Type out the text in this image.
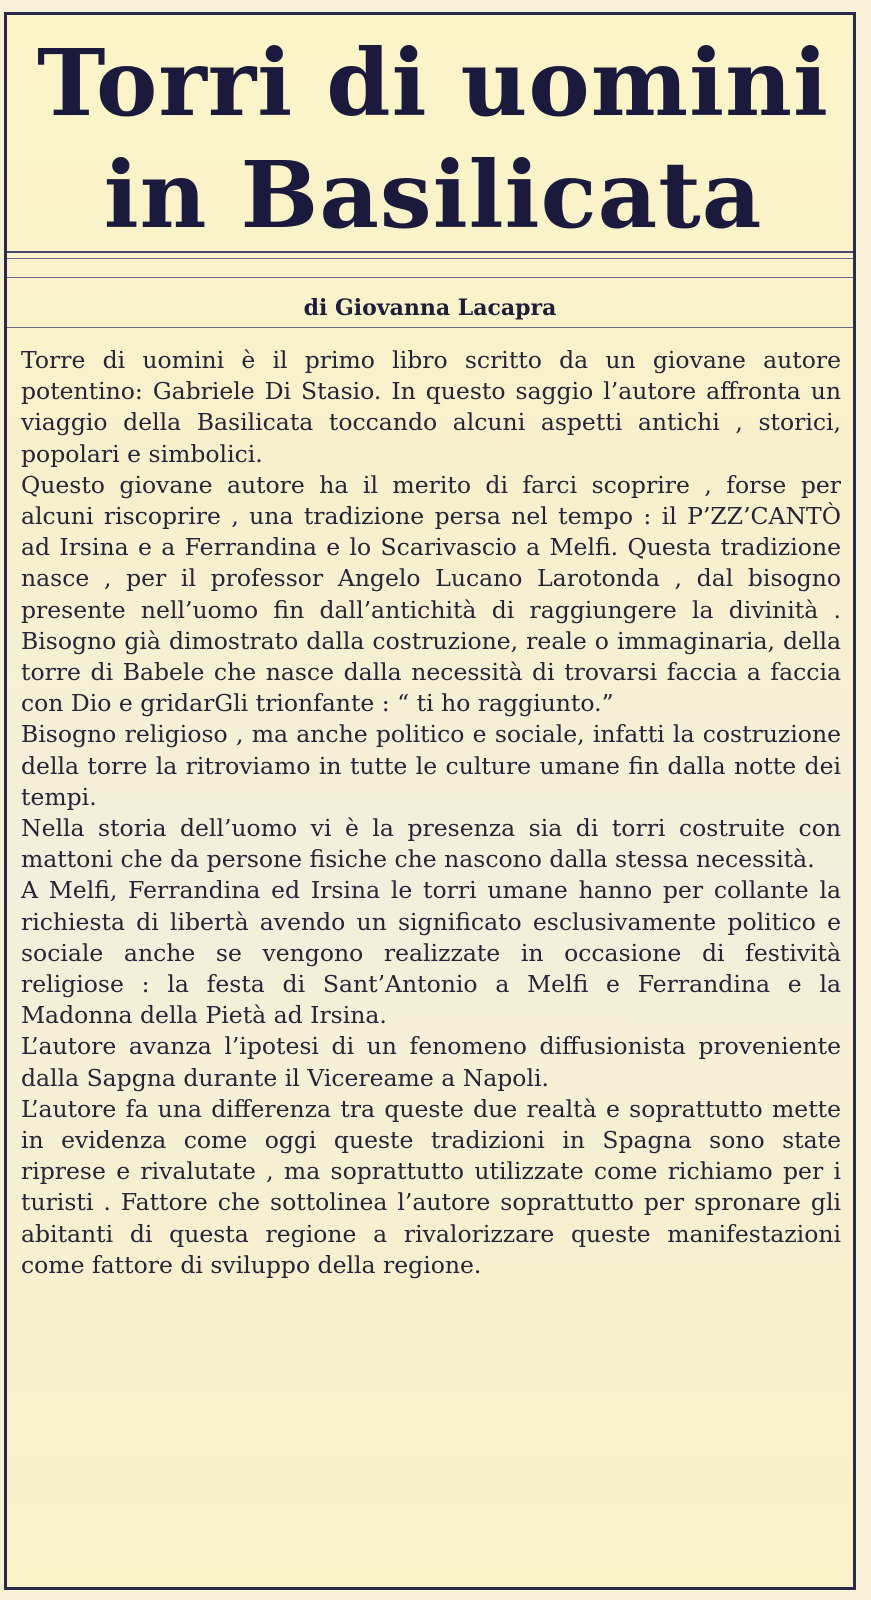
Torri di uomini
in Basilicata
di Giovanna Lacapra

Torre di uomini è il primo libro scritto da un giovane autore potentino: Gabriele Di Stasio. In questo saggio l’autore affronta un viaggio della Basilicata toccando alcuni aspetti antichi , storici, popolari e simbolici.

Questo giovane autore ha il merito di farci scoprire , forse per alcuni riscoprire , una tradizione persa nel tempo : il P’ZZ’CANTÒ ad Irsina e a Ferrandina e lo Scarivascio a Melfi. Questa tradizione nasce , per il professor Angelo Lucano Larotonda , dal bisogno presente nell’uomo fin dall’antichità di raggiungere la divinità . Bisogno già dimostrato dalla costruzione, reale o immaginaria, della torre di Babele che nasce dalla necessità di trovarsi faccia a faccia con Dio e gridarGli trionfante : “ ti ho raggiunto.”

Bisogno religioso , ma anche politico e sociale, infatti la costruzione della torre la ritroviamo in tutte le culture umane fin dalla notte dei tempi.

Nella storia dell’uomo vi è la presenza sia di torri costruite con mattoni che da persone fisiche che nascono dalla stessa necessità.

A Melfi, Ferrandina ed Irsina le torri umane hanno per collante la richiesta di libertà avendo un significato esclusivamente politico e sociale anche se vengono realizzate in occasione di festività religiose : la festa di Sant’Antonio a Melfi e Ferrandina e la Madonna della Pietà ad Irsina.

L’autore avanza l’ipotesi di un fenomeno diffusionista proveniente dalla Sapgna durante il Vicereame a Napoli.

L’autore fa una differenza tra queste due realtà e soprattutto mette in evidenza come oggi queste tradizioni in Spagna sono state riprese e rivalutate , ma soprattutto utilizzate come richiamo per i turisti . Fattore che sottolinea l’autore soprattutto per spronare gli abitanti di questa regione a rivalorizzare queste manifestazioni come fattore di sviluppo della regione.
